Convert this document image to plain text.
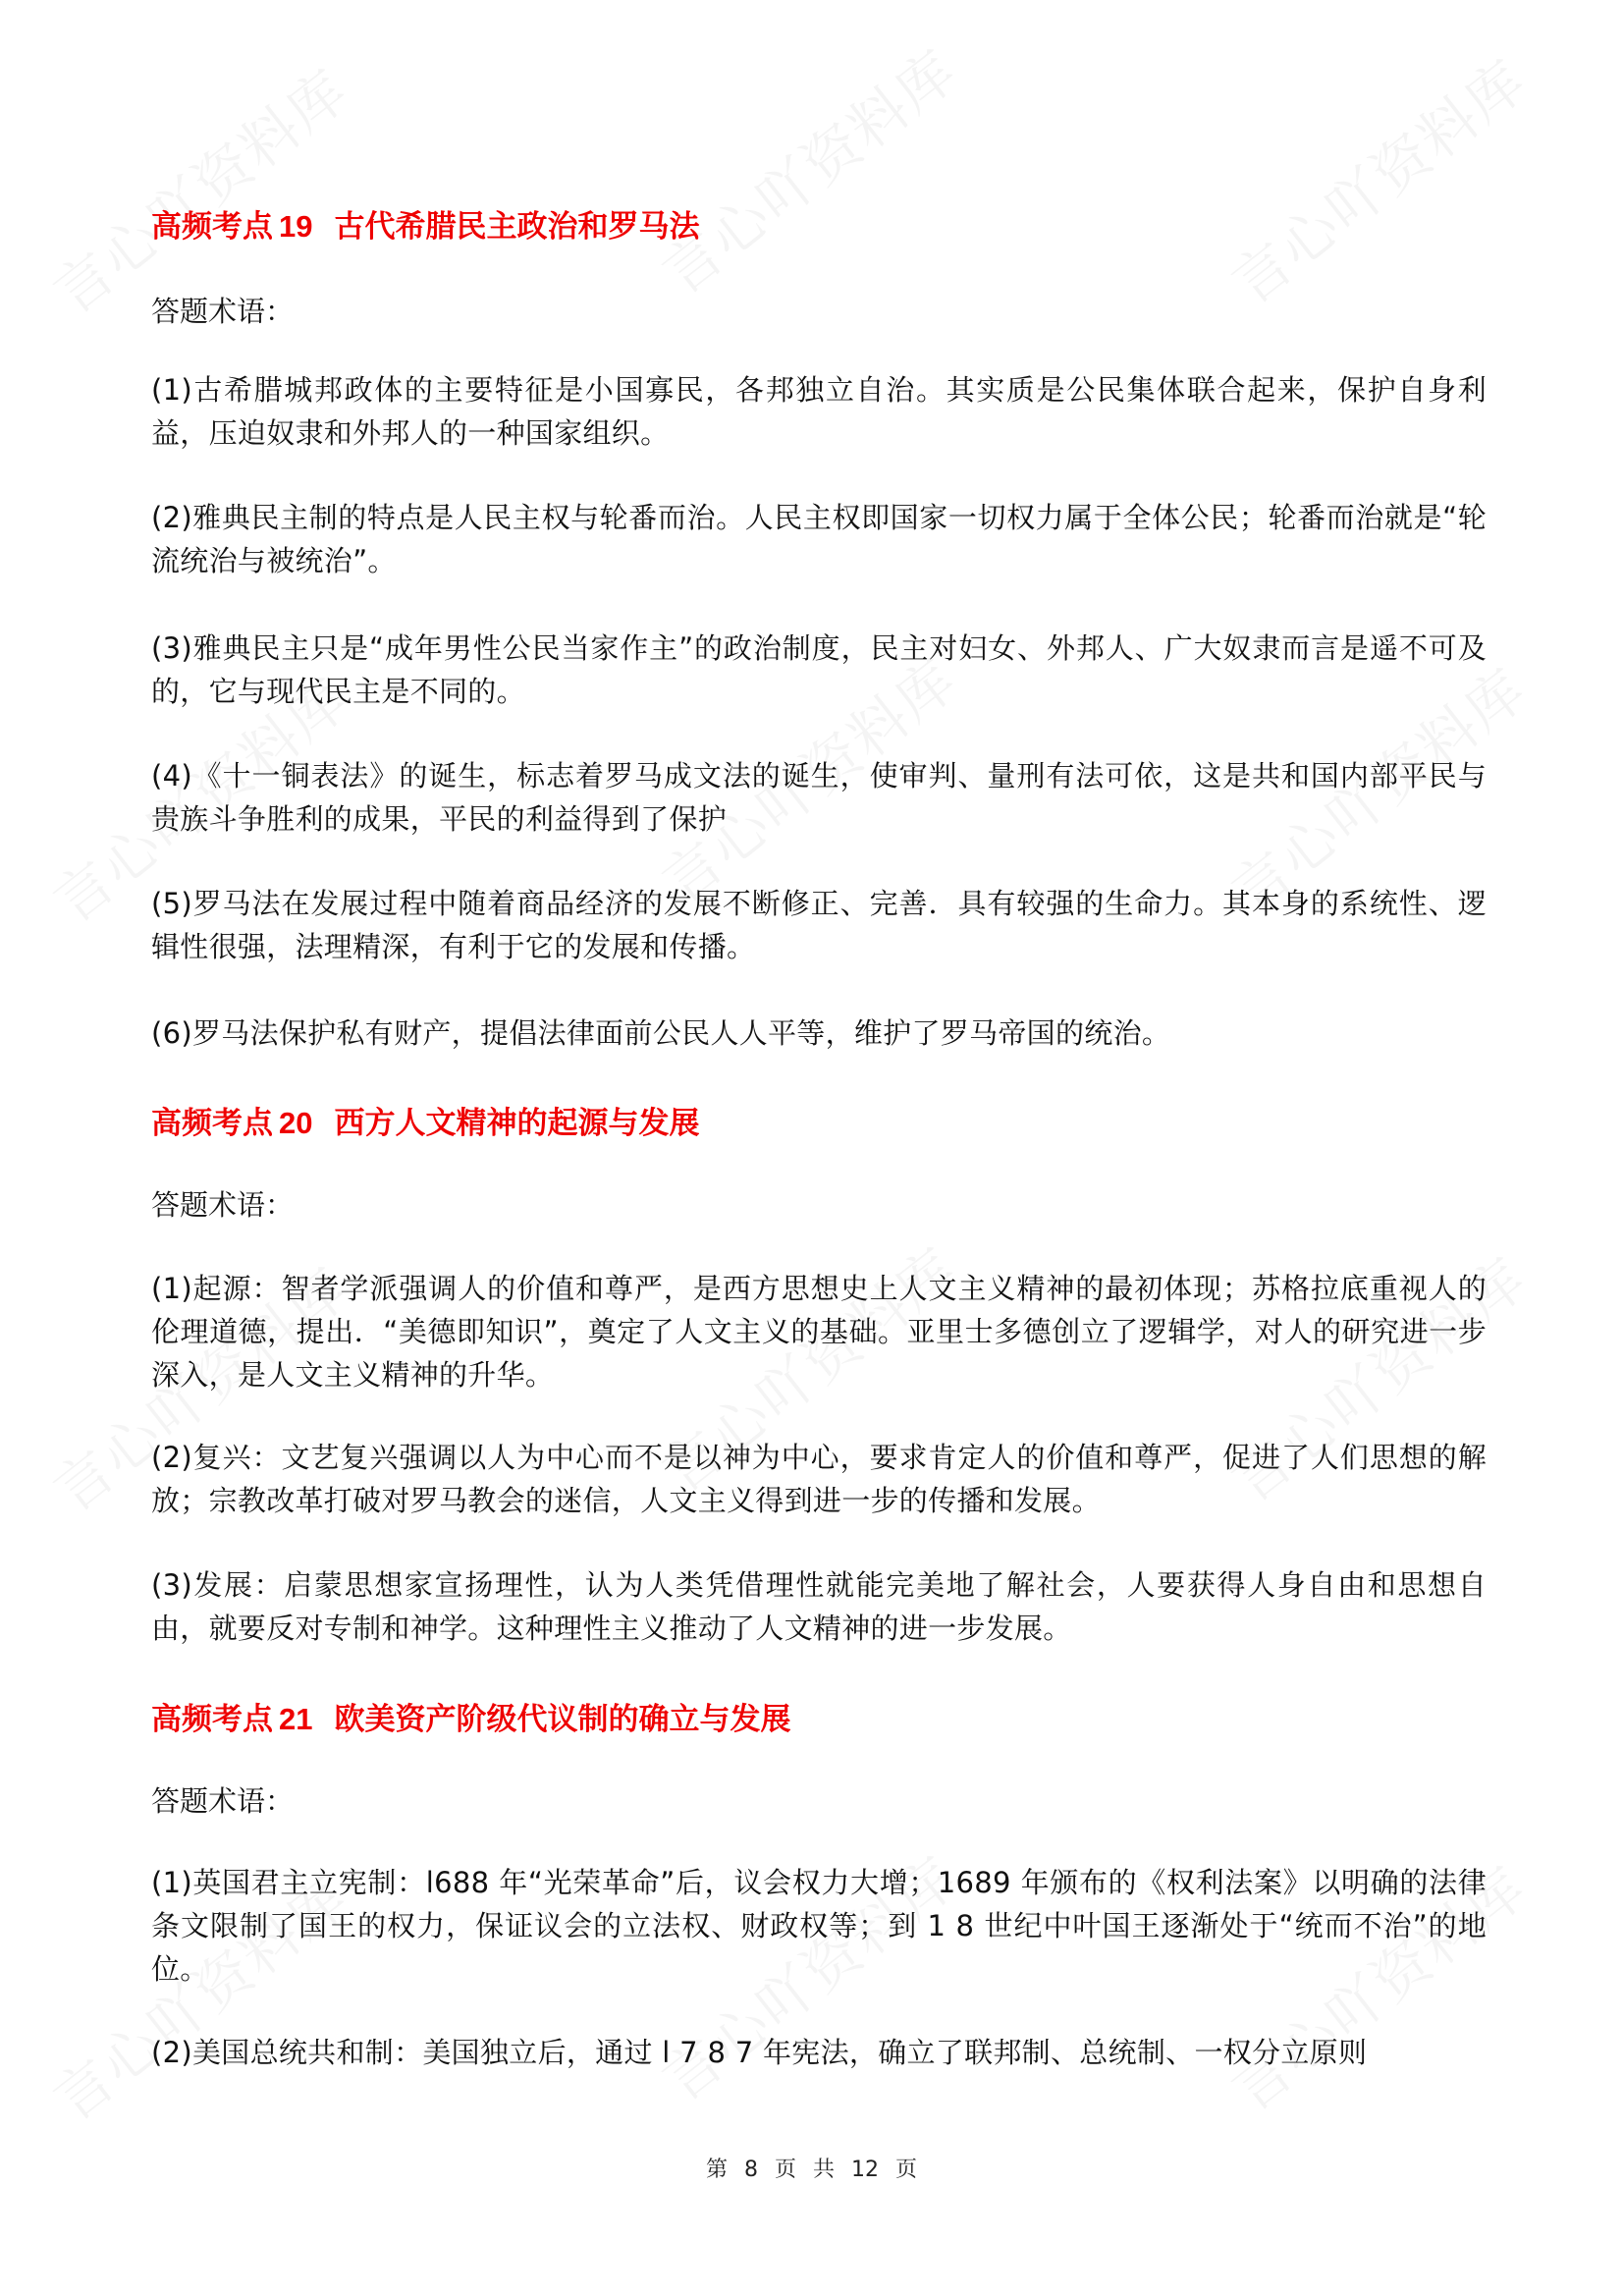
高频考点 19 古代希腊民主政治和罗马法
答题术语：
(1)古希腊城邦政体的主要特征是小国寡民，各邦独立自治。其实质是公民集体联合起来，保护自身利益，压迫奴隶和外邦人的一种国家组织。
(2)雅典民主制的特点是人民主权与轮番而治。人民主权即国家一切权力属于全体公民；轮番而治就是“轮流统治与被统治”。
(3)雅典民主只是“成年男性公民当家作主”的政治制度，民主对妇女、外邦人、广大奴隶而言是遥不可及的，它与现代民主是不同的。
(4)《十一铜表法》的诞生，标志着罗马成文法的诞生，使审判、量刑有法可依，这是共和国内部平民与贵族斗争胜利的成果，平民的利益得到了保护
(5)罗马法在发展过程中随着商品经济的发展不断修正、完善．具有较强的生命力。其本身的系统性、逻辑性很强，法理精深，有利于它的发展和传播。
(6)罗马法保护私有财产，提倡法律面前公民人人平等，维护了罗马帝国的统治。
高频考点 20 西方人文精神的起源与发展
答题术语：
(1)起源：智者学派强调人的价值和尊严，是西方思想史上人文主义精神的最初体现；苏格拉底重视人的伦理道德，提出．“美德即知识”，奠定了人文主义的基础。亚里士多德创立了逻辑学，对人的研究进一步深入，是人文主义精神的升华。
(2)复兴：文艺复兴强调以人为中心而不是以神为中心，要求肯定人的价值和尊严，促进了人们思想的解放；宗教改革打破对罗马教会的迷信，人文主义得到进一步的传播和发展。
(3)发展：启蒙思想家宣扬理性，认为人类凭借理性就能完美地了解社会，人要获得人身自由和思想自由，就要反对专制和神学。这种理性主义推动了人文精神的进一步发展。
高频考点 21 欧美资产阶级代议制的确立与发展
答题术语：
(1)英国君主立宪制：l688 年“光荣革命”后，议会权力大增；1689 年颁布的《权利法案》以明确的法律条文限制了国王的权力，保证议会的立法权、财政权等；到 1 8 世纪中叶国王逐渐处于“统而不治”的地位。
(2)美国总统共和制：美国独立后，通过 l 7 8 7 年宪法，确立了联邦制、总统制、一权分立原则
第 8 页 共 12 页
